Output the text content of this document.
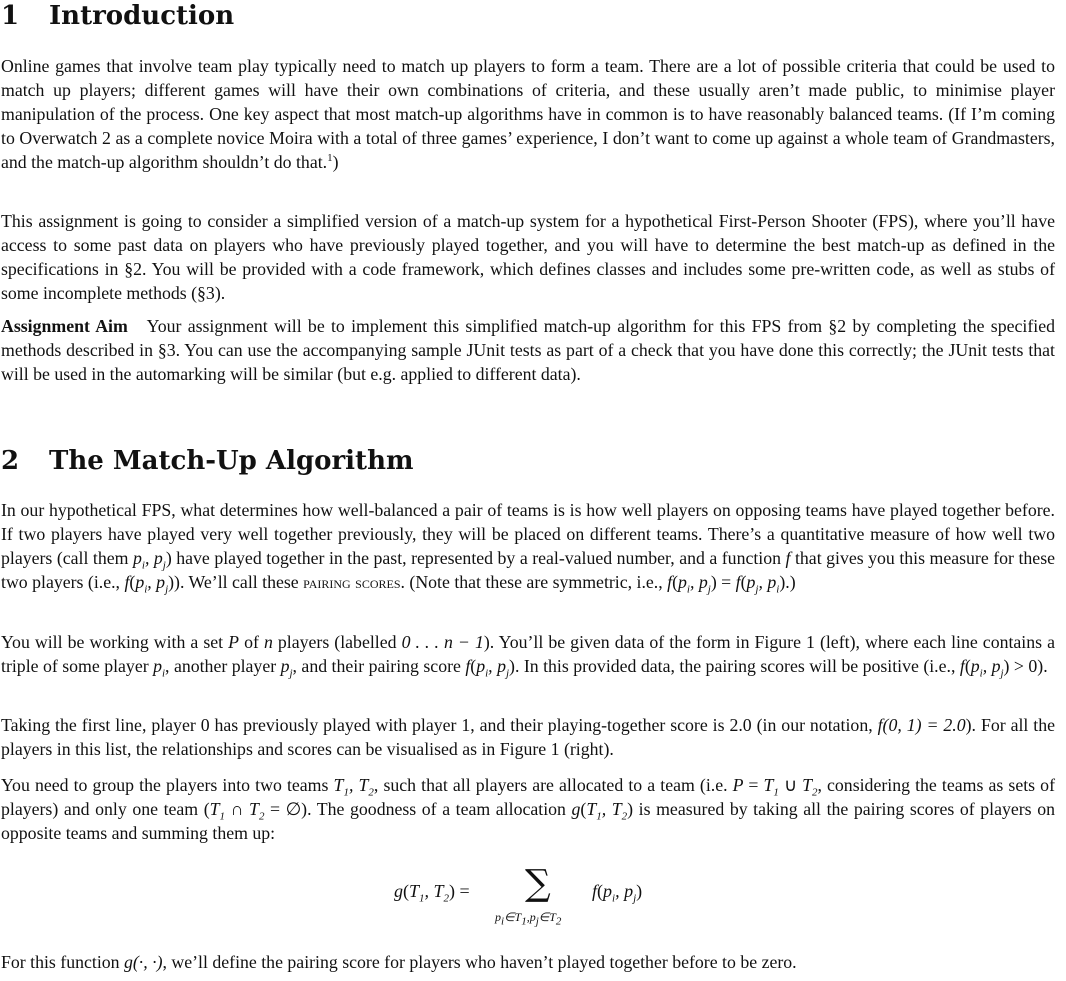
1 Introduction

Online games that involve team play typically need to match up players to form a team. There are a lot of possible criteria that could be used to match up players; different games will have their own combinations of criteria, and these usually aren’t made public, to minimise player manipulation of the process. One key aspect that most match-up algorithms have in common is to have reasonably balanced teams. (If I’m coming to Overwatch 2 as a complete novice Moira with a total of three games’ experience, I don’t want to come up against a whole team of Grandmasters, and the match-up algorithm shouldn’t do that.$^1$)

This assignment is going to consider a simplified version of a match-up system for a hypothetical First-Person Shooter (FPS), where you’ll have access to some past data on players who have previously played together, and you will have to determine the best match-up as defined in the specifications in §2. You will be provided with a code framework, which defines classes and includes some pre-written code, as well as stubs of some incomplete methods (§3).

Assignment Aim Your assignment will be to implement this simplified match-up algorithm for this FPS from §2 by completing the specified methods described in §3. You can use the accompanying sample JUnit tests as part of a check that you have done this correctly; the JUnit tests that will be used in the automarking will be similar (but e.g. applied to different data).

2 The Match-Up Algorithm

In our hypothetical FPS, what determines how well-balanced a pair of teams is is how well players on opposing teams have played together before. If two players have played very well together previously, they will be placed on different teams. There’s a quantitative measure of how well two players (call them $p_i$, $p_j$) have played together in the past, represented by a real-valued number, and a function f that gives you this measure for these two players (i.e., $f(p_i$, $p_j$)). We’ll call these pairing scores. (Note that these are symmetric, i.e., $f(p_i$, $p_j) = f(p_j$, $p_i$).)

You will be working with a set P of n players (labelled 0 . . . n − 1). You’ll be given data of the form in Figure 1 (left), where each line contains a triple of some player $p_i$, another player $p_j$, and their pairing score $f(p_i$, $p_j$). In this provided data, the pairing scores will be positive (i.e., $f(p_i$, $p_j) > 0$).

Taking the first line, player 0 has previously played with player 1, and their playing-together score is 2.0 (in our notation, f(0, 1) = 2.0). For all the players in this list, the relationships and scores can be visualised as in Figure 1 (right).

You need to group the players into two teams $T_1$, $T_2$, such that all players are allocated to a team (i.e. $P = T_1$ ∪ $T_2$, considering the teams as sets of players) and only one team ($T_1$ ∩ $T_2$ = ∅). The goodness of a team allocation $g(T_1$, $T_2$) is measured by taking all the pairing scores of players on opposite teams and summing them up:

$g(T_1$, $T_2$) = ∑
$p_i\in T_1,p_j\in T_2$
$f(p_i$, $p_j$)

For this function g(·, ·), we’ll define the pairing score for players who haven’t played together before to be zero.
